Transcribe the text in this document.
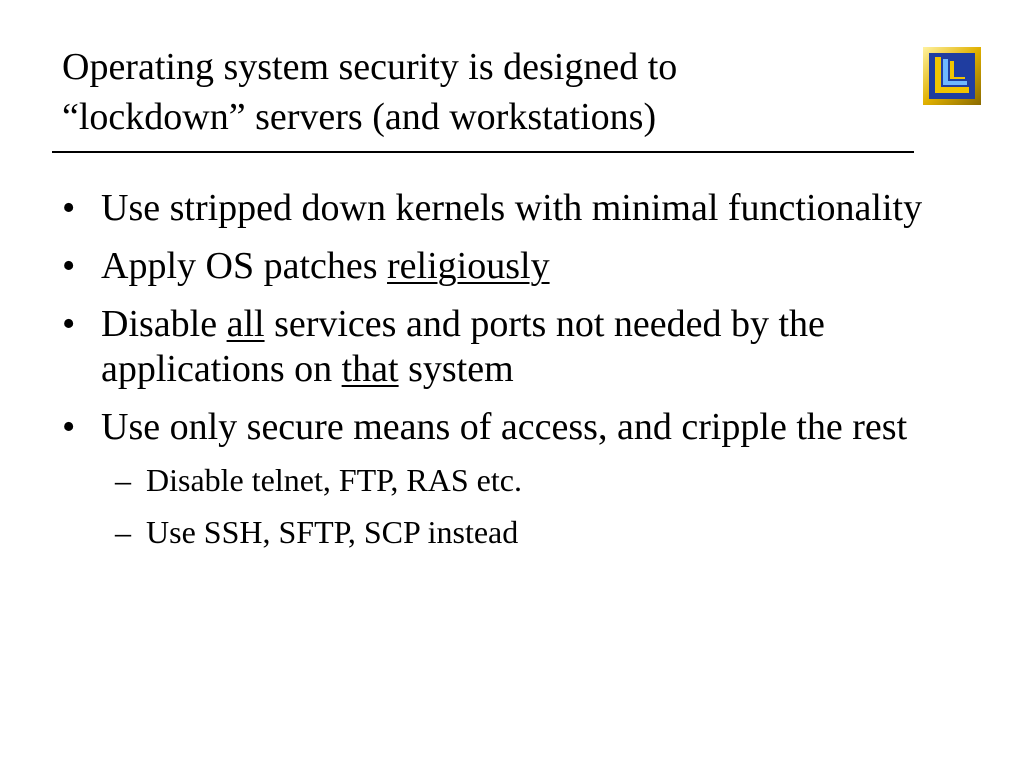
Operating system security is designed to
“lockdown” servers (and workstations)
• Use stripped down kernels with minimal functionality
• Apply OS patches religiously
• Disable all services and ports not needed by the applications on that system
• Use only secure means of access, and cripple the rest
– Disable telnet, FTP, RAS etc.
– Use SSH, SFTP, SCP instead
